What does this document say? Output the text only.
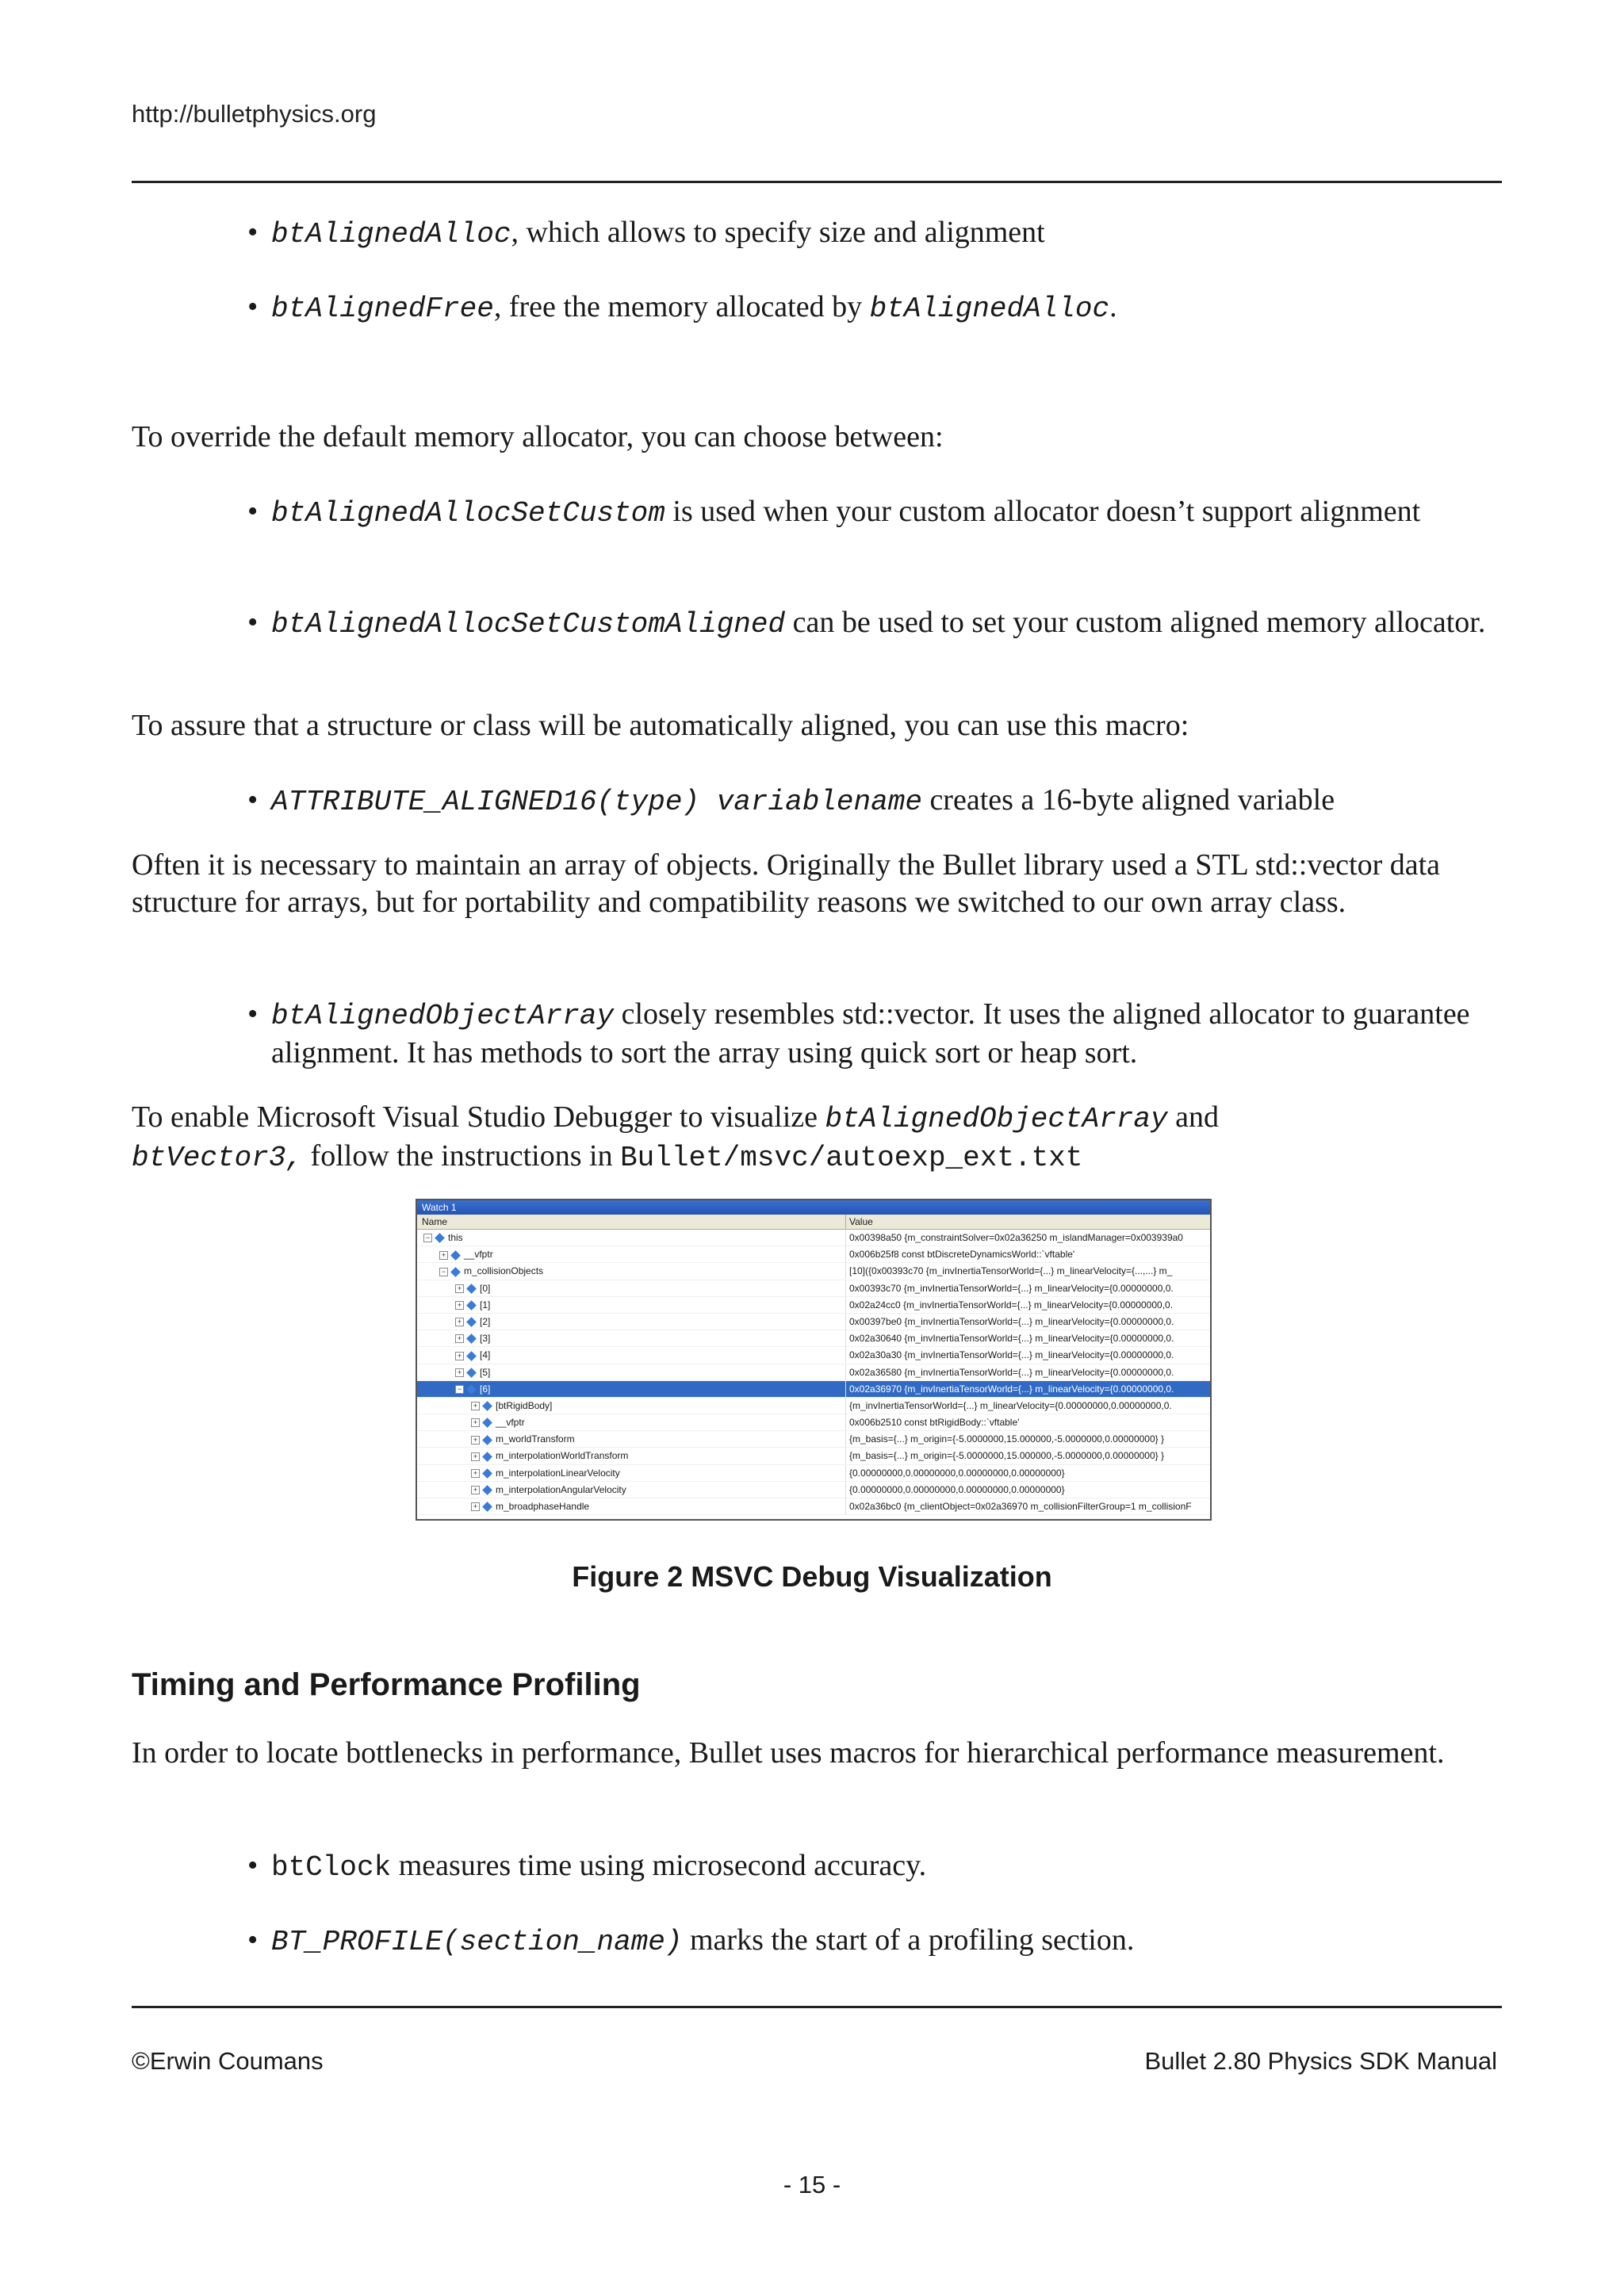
http://bulletphysics.org
• btAlignedAlloc, which allows to specify size and alignment
• btAlignedFree, free the memory allocated by btAlignedAlloc.
To override the default memory allocator, you can choose between:
• btAlignedAllocSetCustom is used when your custom allocator doesn’t support alignment
• btAlignedAllocSetCustomAligned can be used to set your custom aligned memory allocator.
To assure that a structure or class will be automatically aligned, you can use this macro:
• ATTRIBUTE_ALIGNED16(type) variablename creates a 16-byte aligned variable
Often it is necessary to maintain an array of objects. Originally the Bullet library used a STL std::vector data structure for arrays, but for portability and compatibility reasons we switched to our own array class.
• btAlignedObjectArray closely resembles std::vector. It uses the aligned allocator to guarantee alignment. It has methods to sort the array using quick sort or heap sort.
To enable Microsoft Visual Studio Debugger to visualize btAlignedObjectArray and
btVector3, follow the instructions in Bullet/msvc/autoexp_ext.txt
Watch 1
Name	Value
− this	0x00398a50 {m_constraintSolver=0x02a36250 m_islandManager=0x003939a0
+ __vfptr	0x006b25f8 const btDiscreteDynamicsWorld::`vftable'
− m_collisionObjects	[10]({0x00393c70 {m_invInertiaTensorWorld={...} m_linearVelocity={...,...} m_
+ [0]	0x00393c70 {m_invInertiaTensorWorld={...} m_linearVelocity={0.00000000,0.
+ [1]	0x02a24cc0 {m_invInertiaTensorWorld={...} m_linearVelocity={0.00000000,0.
+ [2]	0x00397be0 {m_invInertiaTensorWorld={...} m_linearVelocity={0.00000000,0.
+ [3]	0x02a30640 {m_invInertiaTensorWorld={...} m_linearVelocity={0.00000000,0.
+ [4]	0x02a30a30 {m_invInertiaTensorWorld={...} m_linearVelocity={0.00000000,0.
+ [5]	0x02a36580 {m_invInertiaTensorWorld={...} m_linearVelocity={0.00000000,0.
− [6]	0x02a36970 {m_invInertiaTensorWorld={...} m_linearVelocity={0.00000000,0.
+ [btRigidBody]	{m_invInertiaTensorWorld={...} m_linearVelocity={0.00000000,0.00000000,0.
+ __vfptr	0x006b2510 const btRigidBody::`vftable'
+ m_worldTransform	{m_basis={...} m_origin={-5.0000000,15.000000,-5.0000000,0.00000000} }
+ m_interpolationWorldTransform	{m_basis={...} m_origin={-5.0000000,15.000000,-5.0000000,0.00000000} }
+ m_interpolationLinearVelocity	{0.00000000,0.00000000,0.00000000,0.00000000}
+ m_interpolationAngularVelocity	{0.00000000,0.00000000,0.00000000,0.00000000}
+ m_broadphaseHandle	0x02a36bc0 {m_clientObject=0x02a36970 m_collisionFilterGroup=1 m_collisionF
Figure 2 MSVC Debug Visualization
Timing and Performance Profiling
In order to locate bottlenecks in performance, Bullet uses macros for hierarchical performance measurement.
• btClock measures time using microsecond accuracy.
• BT_PROFILE(section_name) marks the start of a profiling section.
©Erwin Coumans	Bullet 2.80 Physics SDK Manual
- 15 -
